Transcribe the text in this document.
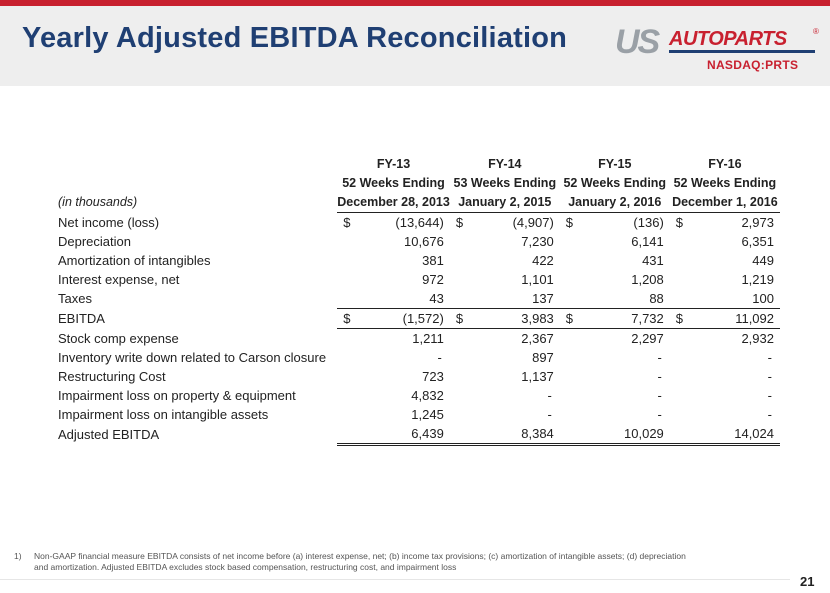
Yearly Adjusted EBITDA Reconciliation US AUTOPARTS	®
NASDAQ:PRTS
	FY-13		FY-14		FY-15		FY-16	
	52 Weeks Ending		53 Weeks Ending		52 Weeks Ending		52 Weeks Ending	
(in thousands)	December 28, 2013		January 2, 2015		January 2, 2016		December 1, 2016	
Net income (loss)	$	(13,644)	$	(4,907)	$	(136)	$	2,973
Depreciation		10,676		7,230		6,141		6,351
Amortization of intangibles		381		422		431		449
Interest expense, net		972		1,101		1,208		1,219
Taxes		43		137		88		100
EBITDA	$	(1,572)	$	3,983	$	7,732	$	11,092
Stock comp expense		1,211		2,367		2,297		2,932
Inventory write down related to Carson closure		-		897		-		-
Restructuring Cost		723		1,137		-		-
Impairment loss on property & equipment		4,832		-		-		-
Impairment loss on intangible assets		1,245		-		-		-
Adjusted EBITDA		6,439		8,384		10,029		14,024
1) Non-GAAP financial measure EBITDA consists of net income before (a) interest expense, net; (b) income tax provisions; (c) amortization of intangible assets; (d) depreciation and amortization. Adjusted EBITDA excludes stock based compensation, restructuring cost, and impairment loss
21
